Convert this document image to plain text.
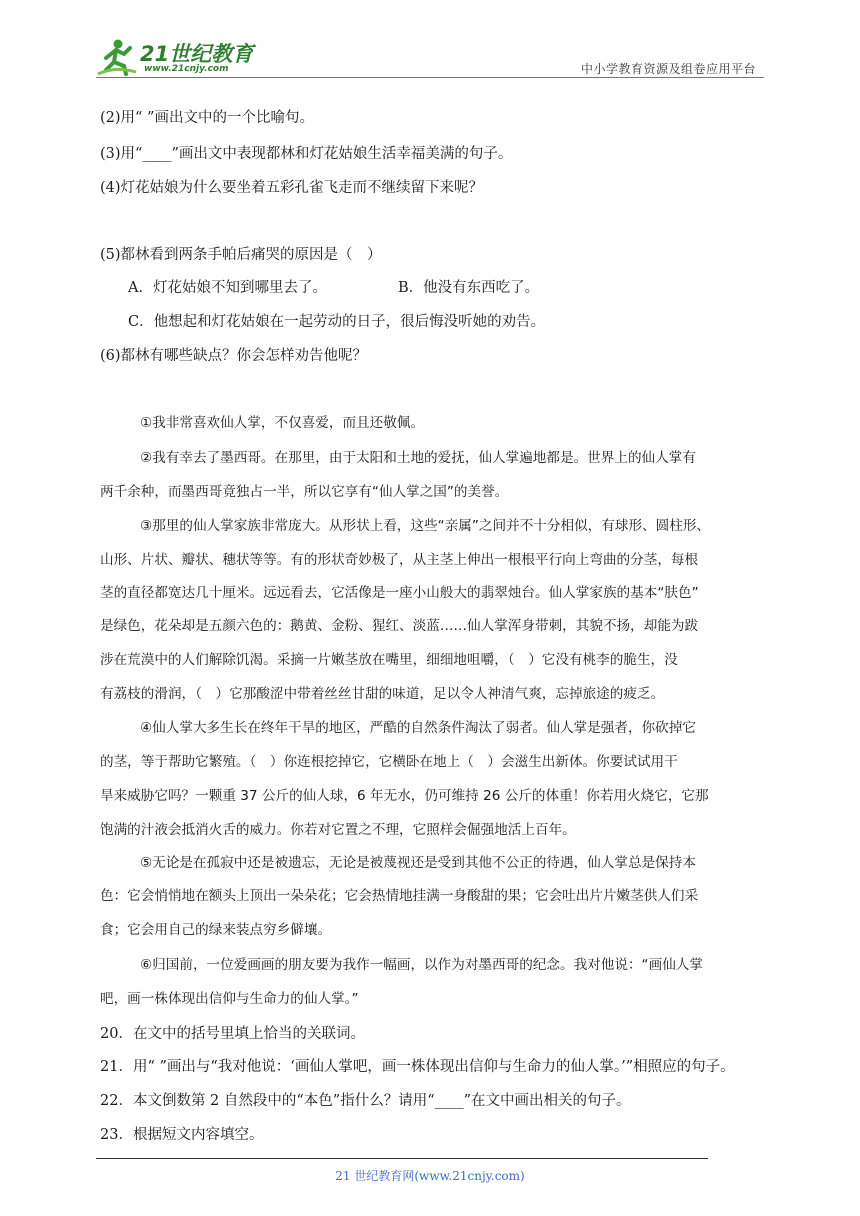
21世纪教育
www.21cnjy.com	中小学教育资源及组卷应用平台
(2)用“ ”画出文中的一个比喻句。
(3)用“____”画出文中表现都林和灯花姑娘生活幸福美满的句子。
(4)灯花姑娘为什么要坐着五彩孔雀飞走而不继续留下来呢？
(5)都林看到两条手帕后痛哭的原因是（　）
A．灯花姑娘不知到哪里去了。	B．他没有东西吃了。
C．他想起和灯花姑娘在一起劳动的日子，很后悔没听她的劝告。
(6)都林有哪些缺点？你会怎样劝告他呢？
①我非常喜欢仙人掌，不仅喜爱，而且还敬佩。
②我有幸去了墨西哥。在那里，由于太阳和土地的爱抚，仙人掌遍地都是。世界上的仙人掌有
两千余种，而墨西哥竟独占一半，所以它享有“仙人掌之国”的美誉。
③那里的仙人掌家族非常庞大。从形状上看，这些“亲属”之间并不十分相似，有球形、圆柱形、
山形、片状、瓣状、穗状等等。有的形状奇妙极了，从主茎上伸出一根根平行向上弯曲的分茎，每根
茎的直径都宽达几十厘米。远远看去，它活像是一座小山般大的翡翠烛台。仙人掌家族的基本“肤色”
是绿色，花朵却是五颜六色的：鹅黄、金粉、猩红、淡蓝……仙人掌浑身带刺，其貌不扬，却能为跋
涉在荒漠中的人们解除饥渴。采摘一片嫩茎放在嘴里，细细地咀嚼，（　）它没有桃李的脆生，没
有荔枝的滑润，（　）它那酸涩中带着丝丝甘甜的味道，足以令人神清气爽，忘掉旅途的疲乏。
④仙人掌大多生长在终年干旱的地区，严酷的自然条件淘汰了弱者。仙人掌是强者，你砍掉它
的茎，等于帮助它繁殖。（　）你连根挖掉它，它横卧在地上（　）会滋生出新体。你要试试用干
旱来威胁它吗？一颗重 37 公斤的仙人球，6 年无水，仍可维持 26 公斤的体重！你若用火烧它，它那
饱满的汁液会抵消火舌的威力。你若对它置之不理，它照样会倔强地活上百年。
⑤无论是在孤寂中还是被遗忘，无论是被蔑视还是受到其他不公正的待遇，仙人掌总是保持本
色：它会悄悄地在额头上顶出一朵朵花；它会热情地挂满一身酸甜的果；它会吐出片片嫩茎供人们采
食；它会用自己的绿来装点穷乡僻壤。
⑥归国前，一位爱画画的朋友要为我作一幅画，以作为对墨西哥的纪念。我对他说：“画仙人掌
吧，画一株体现出信仰与生命力的仙人掌。”
20．在文中的括号里填上恰当的关联词。
21．用“ ”画出与“我对他说：‘画仙人掌吧，画一株体现出信仰与生命力的仙人掌。’”相照应的句子。
22．本文倒数第 2 自然段中的“本色”指什么？请用“____”在文中画出相关的句子。
23．根据短文内容填空。
21 世纪教育网(www.21cnjy.com)
